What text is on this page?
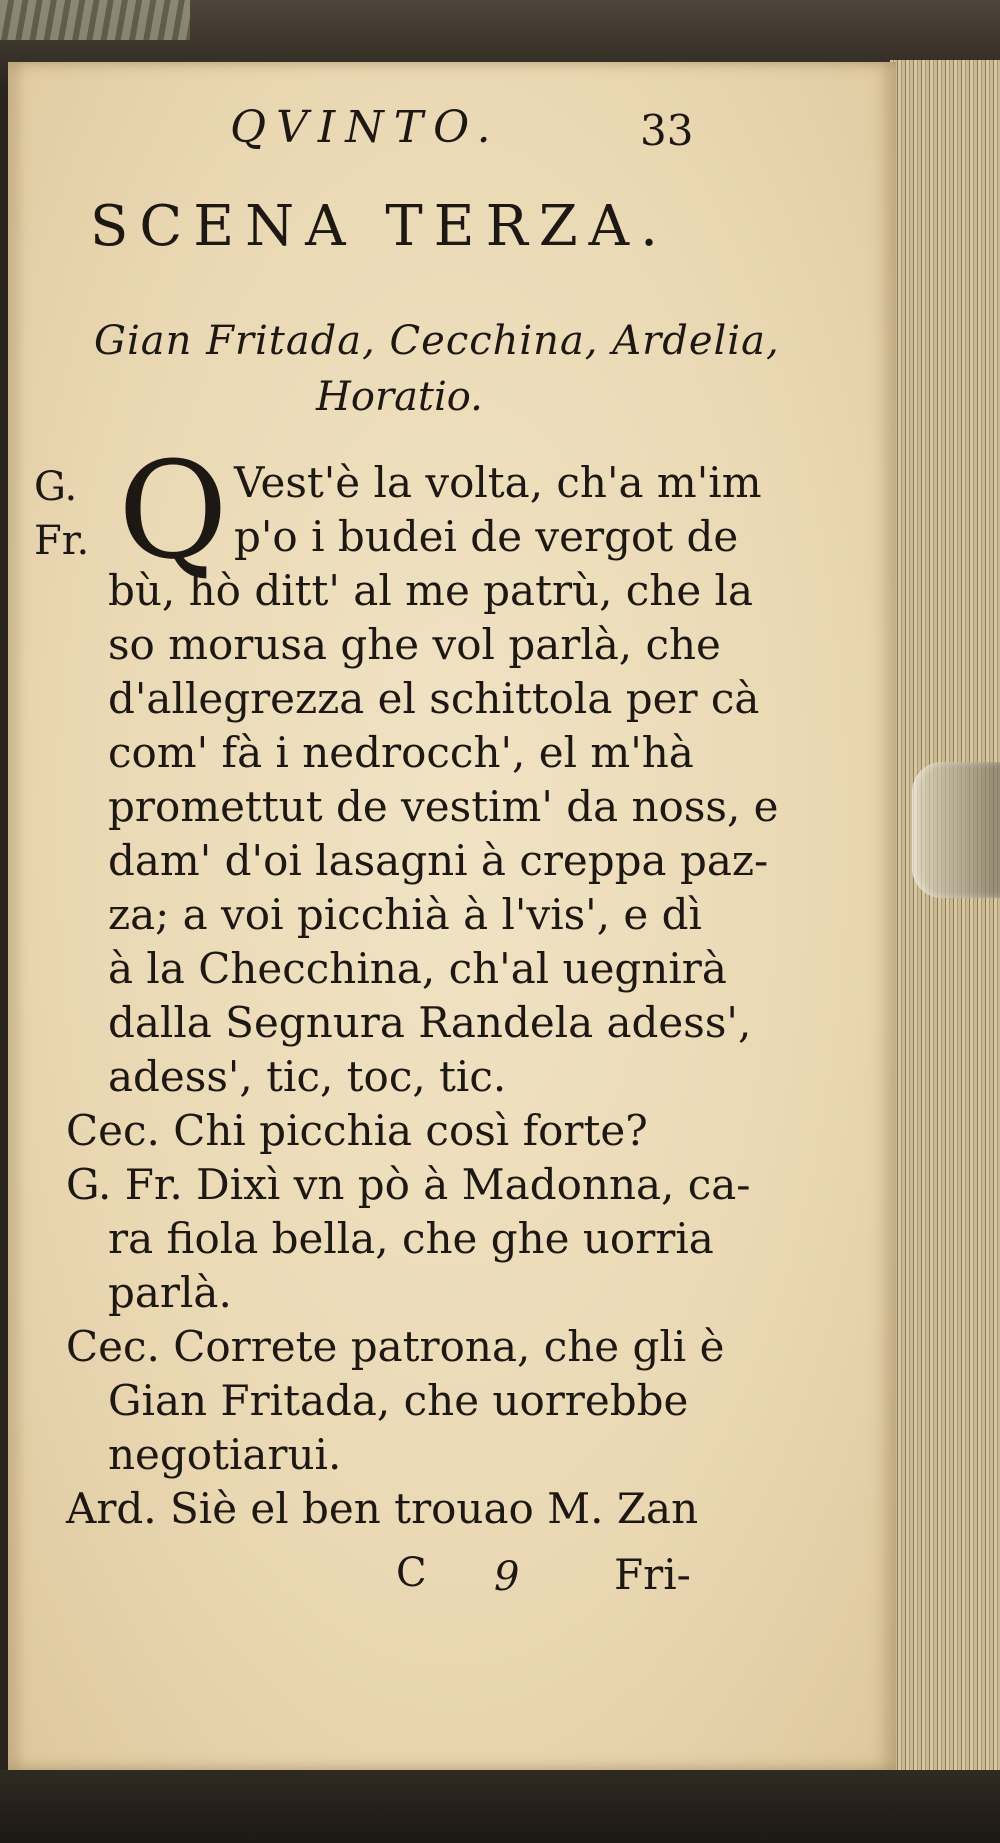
QVINTO.	33
SCENA TERZA.
Gian Fritada, Cecchina, Ardelia,
Horatio.
G.
Fr. Q Vest'è la volta, ch'a m'im
p'o i budei de vergot de
bù, hò ditt' al me patrù, che la
so morusa ghe vol parlà, che
d'allegrezza el schittola per cà
com' fà i nedrocch', el m'hà
promettut de vestim' da noss, e
dam' d'oi lasagni à creppa paz-
za; a voi picchià à l'vis', e dì
à la Checchina, ch'al uegnirà
dalla Segnura Randela adess',
adess', tic, toc, tic.
Cec. Chi picchia così forte?
G. Fr. Dixì vn pò à Madonna, ca-
ra fiola bella, che ghe uorria
parlà.
Cec. Correte patrona, che gli è
Gian Fritada, che uorrebbe
negotiarui.
Ard. Siè el ben trouao M. Zan
C 9 Fri-
